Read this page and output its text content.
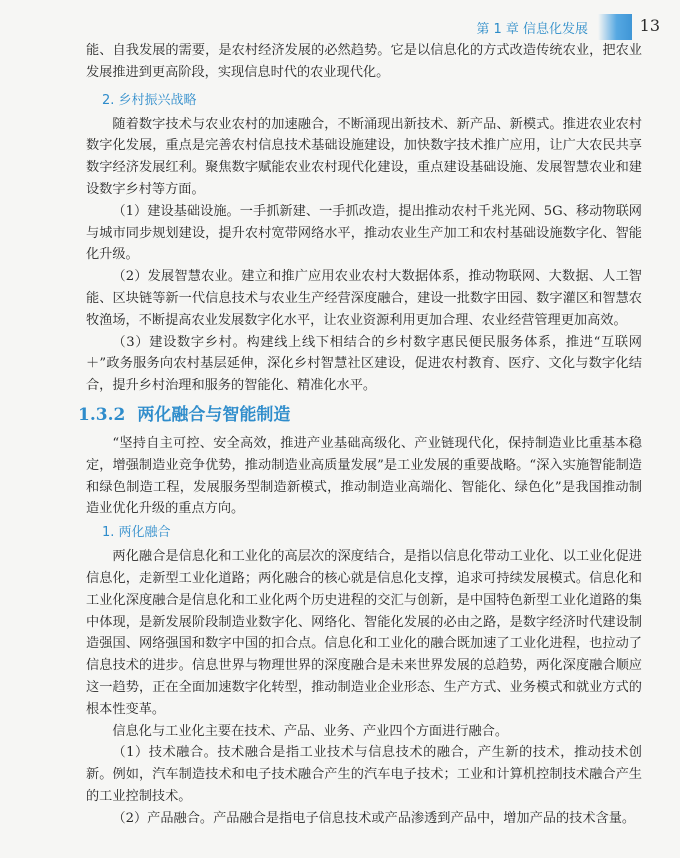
第 1 章 信息化发展	13

能、自我发展的需要，是农村经济发展的必然趋势。它是以信息化的方式改造传统农业，把农业发展推进到更高阶段，实现信息时代的农业现代化。

2. 乡村振兴战略

随着数字技术与农业农村的加速融合，不断涌现出新技术、新产品、新模式。推进农业农村数字化发展，重点是完善农村信息技术基础设施建设，加快数字技术推广应用，让广大农民共享数字经济发展红利。聚焦数字赋能农业农村现代化建设，重点建设基础设施、发展智慧农业和建设数字乡村等方面。

（1）建设基础设施。一手抓新建、一手抓改造，提出推动农村千兆光网、5G、移动物联网与城市同步规划建设，提升农村宽带网络水平，推动农业生产加工和农村基础设施数字化、智能化升级。

（2）发展智慧农业。建立和推广应用农业农村大数据体系，推动物联网、大数据、人工智能、区块链等新一代信息技术与农业生产经营深度融合，建设一批数字田园、数字灌区和智慧农牧渔场，不断提高农业发展数字化水平，让农业资源利用更加合理、农业经营管理更加高效。

（3）建设数字乡村。构建线上线下相结合的乡村数字惠民便民服务体系，推进“互联网＋”政务服务向农村基层延伸，深化乡村智慧社区建设，促进农村教育、医疗、文化与数字化结合，提升乡村治理和服务的智能化、精准化水平。

1.3.2 两化融合与智能制造

“坚持自主可控、安全高效，推进产业基础高级化、产业链现代化，保持制造业比重基本稳定，增强制造业竞争优势，推动制造业高质量发展”是工业发展的重要战略。“深入实施智能制造和绿色制造工程，发展服务型制造新模式，推动制造业高端化、智能化、绿色化”是我国推动制造业优化升级的重点方向。

1. 两化融合

两化融合是信息化和工业化的高层次的深度结合，是指以信息化带动工业化、以工业化促进信息化，走新型工业化道路；两化融合的核心就是信息化支撑，追求可持续发展模式。信息化和工业化深度融合是信息化和工业化两个历史进程的交汇与创新，是中国特色新型工业化道路的集中体现，是新发展阶段制造业数字化、网络化、智能化发展的必由之路，是数字经济时代建设制造强国、网络强国和数字中国的扣合点。信息化和工业化的融合既加速了工业化进程，也拉动了信息技术的进步。信息世界与物理世界的深度融合是未来世界发展的总趋势，两化深度融合顺应这一趋势，正在全面加速数字化转型，推动制造业企业形态、生产方式、业务模式和就业方式的根本性变革。

信息化与工业化主要在技术、产品、业务、产业四个方面进行融合。

（1）技术融合。技术融合是指工业技术与信息技术的融合，产生新的技术，推动技术创新。例如，汽车制造技术和电子技术融合产生的汽车电子技术；工业和计算机控制技术融合产生的工业控制技术。

（2）产品融合。产品融合是指电子信息技术或产品渗透到产品中，增加产品的技术含量。
